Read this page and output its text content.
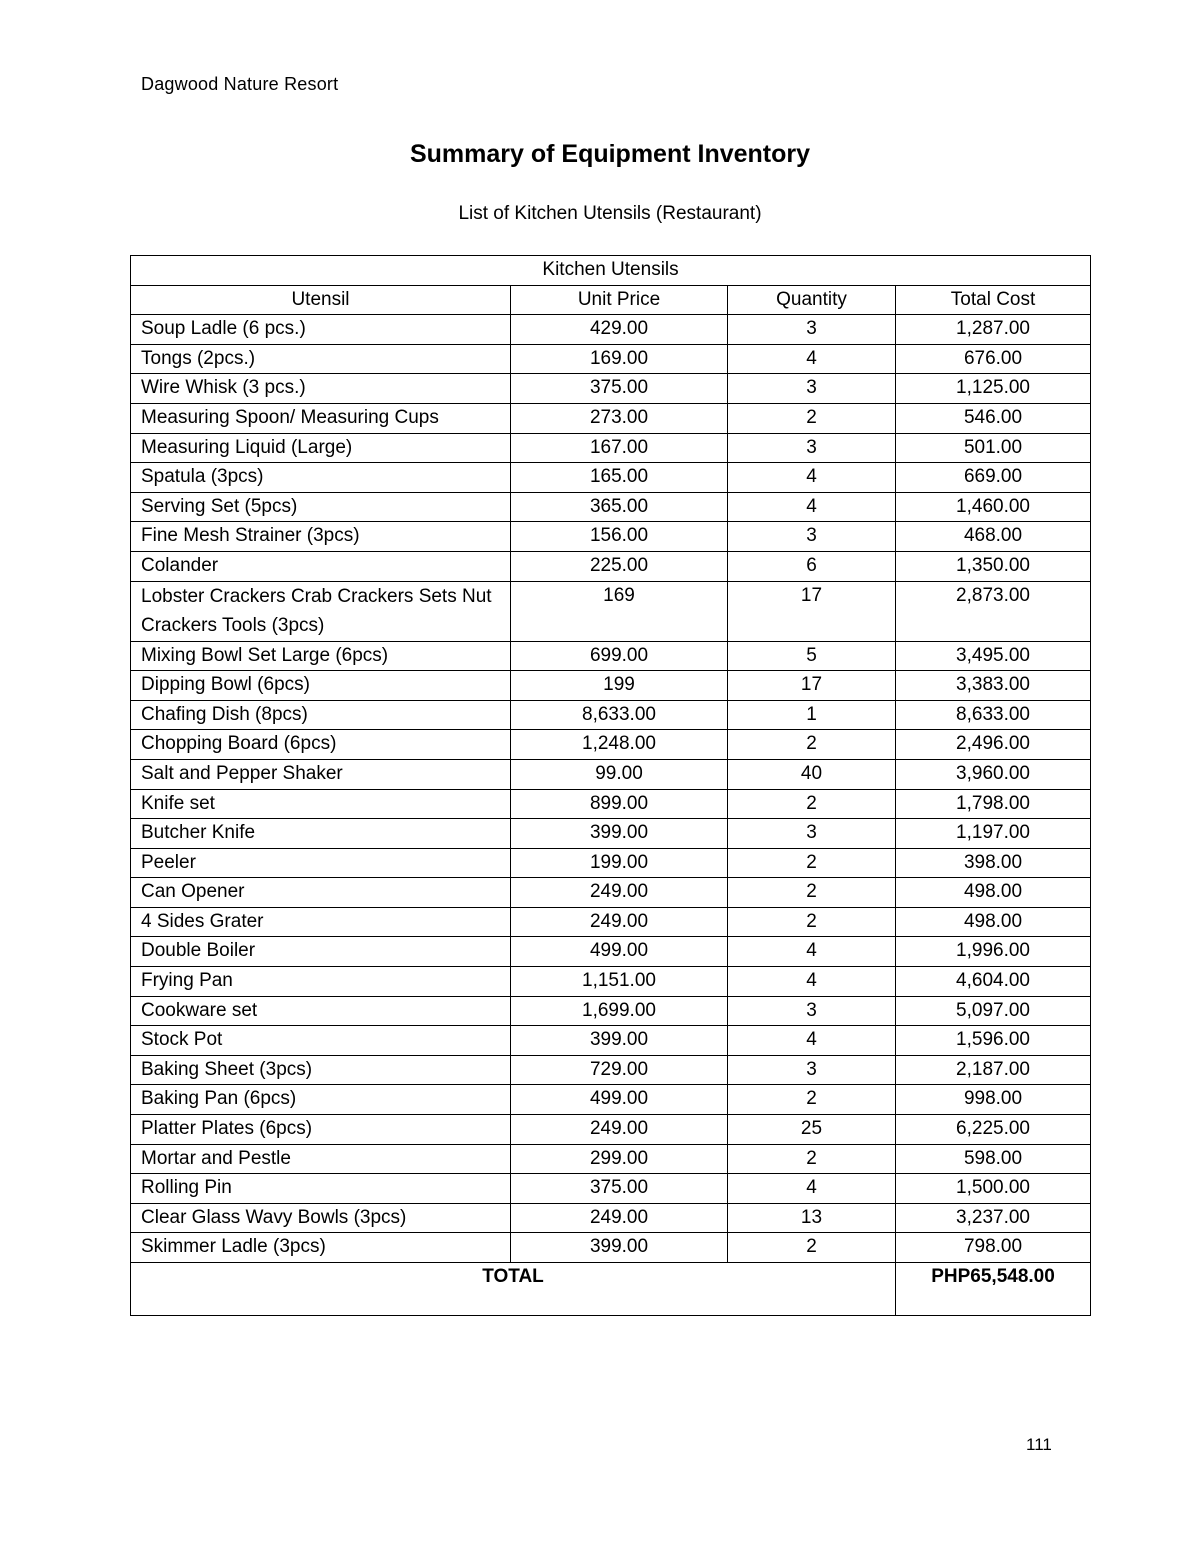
Dagwood Nature Resort
Summary of Equipment Inventory
List of Kitchen Utensils (Restaurant)
Kitchen Utensils			
Utensil	Unit Price	Quantity	Total Cost
Soup Ladle (6 pcs.)	429.00	3	1,287.00
Tongs (2pcs.)	169.00	4	676.00
Wire Whisk (3 pcs.)	375.00	3	1,125.00
Measuring Spoon/ Measuring Cups	273.00	2	546.00
Measuring Liquid (Large)	167.00	3	501.00
Spatula (3pcs)	165.00	4	669.00
Serving Set (5pcs)	365.00	4	1,460.00
Fine Mesh Strainer (3pcs)	156.00	3	468.00
Colander	225.00	6	1,350.00
Lobster Crackers Crab Crackers Sets Nut Crackers Tools (3pcs)	169	17	2,873.00
Mixing Bowl Set Large (6pcs)	699.00	5	3,495.00
Dipping Bowl (6pcs)	199	17	3,383.00
Chafing Dish (8pcs)	8,633.00	1	8,633.00
Chopping Board (6pcs)	1,248.00	2	2,496.00
Salt and Pepper Shaker	99.00	40	3,960.00
Knife set	899.00	2	1,798.00
Butcher Knife	399.00	3	1,197.00
Peeler	199.00	2	398.00
Can Opener	249.00	2	498.00
4 Sides Grater	249.00	2	498.00
Double Boiler	499.00	4	1,996.00
Frying Pan	1,151.00	4	4,604.00
Cookware set	1,699.00	3	5,097.00
Stock Pot	399.00	4	1,596.00
Baking Sheet (3pcs)	729.00	3	2,187.00
Baking Pan (6pcs)	499.00	2	998.00
Platter Plates (6pcs)	249.00	25	6,225.00
Mortar and Pestle	299.00	2	598.00
Rolling Pin	375.00	4	1,500.00
Clear Glass Wavy Bowls (3pcs)	249.00	13	3,237.00
Skimmer Ladle (3pcs)	399.00	2	798.00
TOTAL			PHP65,548.00
111
